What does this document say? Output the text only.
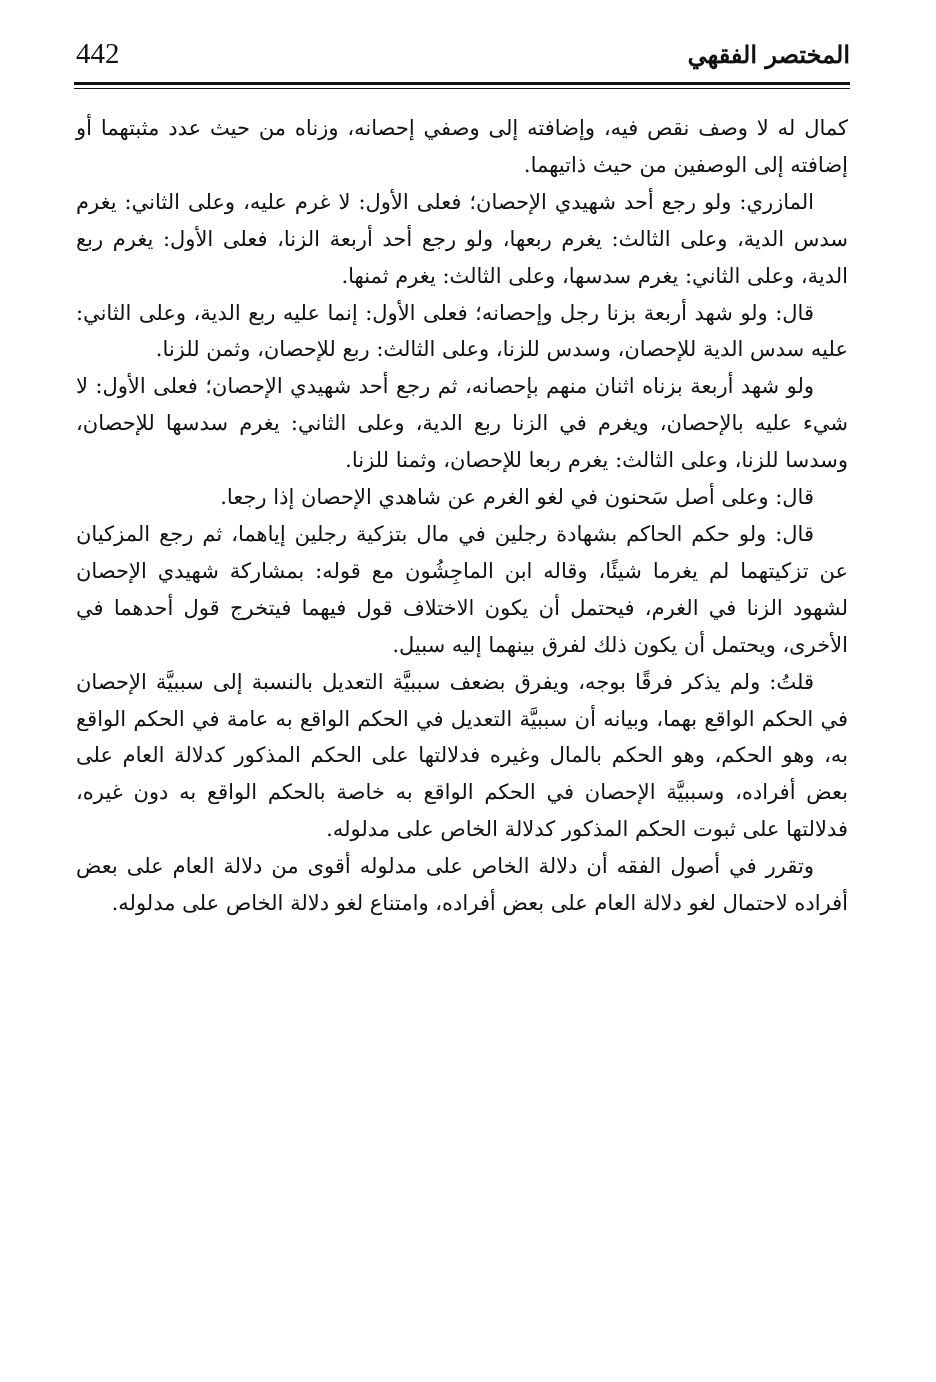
442	المختصر الفقهي

كمال له لا وصف نقص فيه، وإضافته إلى وصفي إحصانه، وزناه من حيث عدد مثبتهما أو إضافته إلى الوصفين من حيث ذاتيهما.

المازري: ولو رجع أحد شهيدي الإحصان؛ فعلى الأول: لا غرم عليه، وعلى الثاني: يغرم سدس الدية، وعلى الثالث: يغرم ربعها، ولو رجع أحد أربعة الزنا، فعلى الأول: يغرم ربع الدية، وعلى الثاني: يغرم سدسها، وعلى الثالث: يغرم ثمنها.

قال: ولو شهد أربعة بزنا رجل وإحصانه؛ فعلى الأول: إنما عليه ربع الدية، وعلى الثاني: عليه سدس الدية للإحصان، وسدس للزنا، وعلى الثالث: ربع للإحصان، وثمن للزنا.

ولو شهد أربعة بزناه اثنان منهم بإحصانه، ثم رجع أحد شهيدي الإحصان؛ فعلى الأول: لا شيء عليه بالإحصان، ويغرم في الزنا ربع الدية، وعلى الثاني: يغرم سدسها للإحصان، وسدسا للزنا، وعلى الثالث: يغرم ربعا للإحصان، وثمنا للزنا.

قال: وعلى أصل سَحنون في لغو الغرم عن شاهدي الإحصان إذا رجعا.

قال: ولو حكم الحاكم بشهادة رجلين في مال بتزكية رجلين إياهما، ثم رجع المزكيان عن تزكيتهما لم يغرما شيئًا، وقاله ابن الماجِشُون مع قوله: بمشاركة شهيدي الإحصان لشهود الزنا في الغرم، فيحتمل أن يكون الاختلاف قول فيهما فيتخرج قول أحدهما في الأخرى، ويحتمل أن يكون ذلك لفرق بينهما إليه سبيل.

قلتُ: ولم يذكر فرقًا بوجه، ويفرق بضعف سببيَّة التعديل بالنسبة إلى سببيَّة الإحصان في الحكم الواقع بهما، وبيانه أن سببيَّة التعديل في الحكم الواقع به عامة في الحكم الواقع به، وهو الحكم، وهو الحكم بالمال وغيره فدلالتها على الحكم المذكور كدلالة العام على بعض أفراده، وسببيَّة الإحصان في الحكم الواقع به خاصة بالحكم الواقع به دون غيره، فدلالتها على ثبوت الحكم المذكور كدلالة الخاص على مدلوله.

وتقرر في أصول الفقه أن دلالة الخاص على مدلوله أقوى من دلالة العام على بعض أفراده لاحتمال لغو دلالة العام على بعض أفراده، وامتناع لغو دلالة الخاص على مدلوله.
